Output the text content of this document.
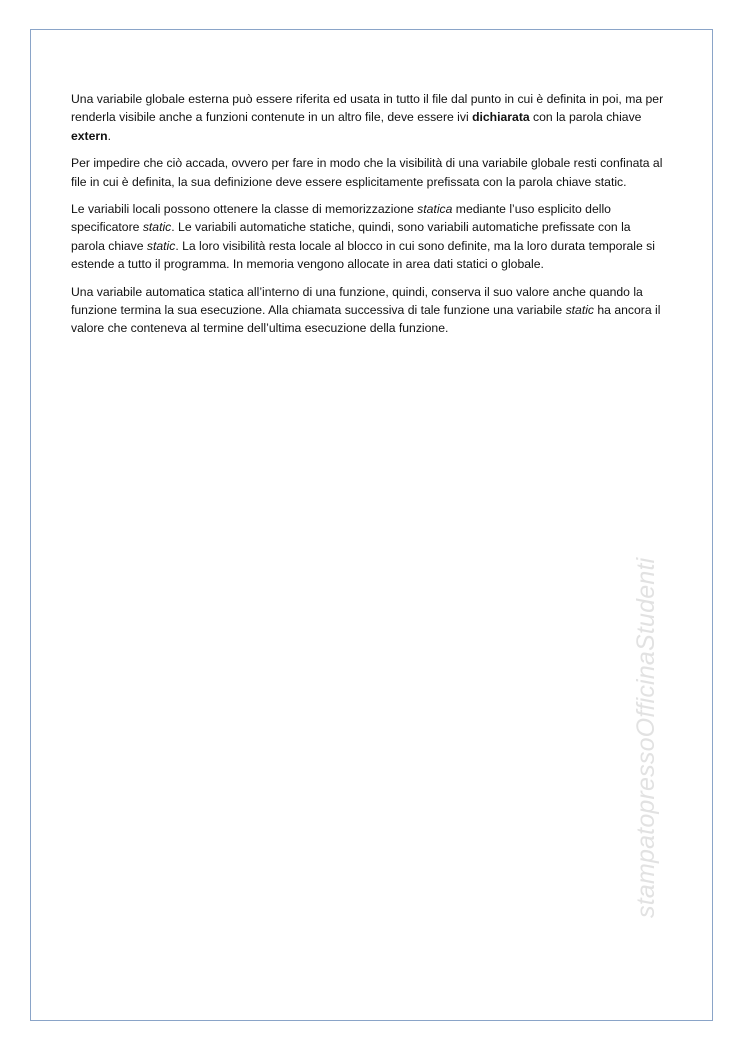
Una variabile globale esterna può essere riferita ed usata in tutto il file dal punto in cui è definita in poi, ma per renderla visibile anche a funzioni contenute in un altro file, deve essere ivi dichiarata con la parola chiave extern.

Per impedire che ciò accada, ovvero per fare in modo che la visibilità di una variabile globale resti confinata al file in cui è definita, la sua definizione deve essere esplicitamente prefissata con la parola chiave static.

Le variabili locali possono ottenere la classe di memorizzazione statica mediante l’uso esplicito dello specificatore static. Le variabili automatiche statiche, quindi, sono variabili automatiche prefissate con la parola chiave static. La loro visibilità resta locale al blocco in cui sono definite, ma la loro durata temporale si estende a tutto il programma. In memoria vengono allocate in area dati statici o globale.

Una variabile automatica statica all’interno di una funzione, quindi, conserva il suo valore anche quando la funzione termina la sua esecuzione. Alla chiamata successiva di tale funzione una variabile static ha ancora il valore che conteneva al termine dell’ultima esecuzione della funzione.

stampatopressoOfficinaStudenti
